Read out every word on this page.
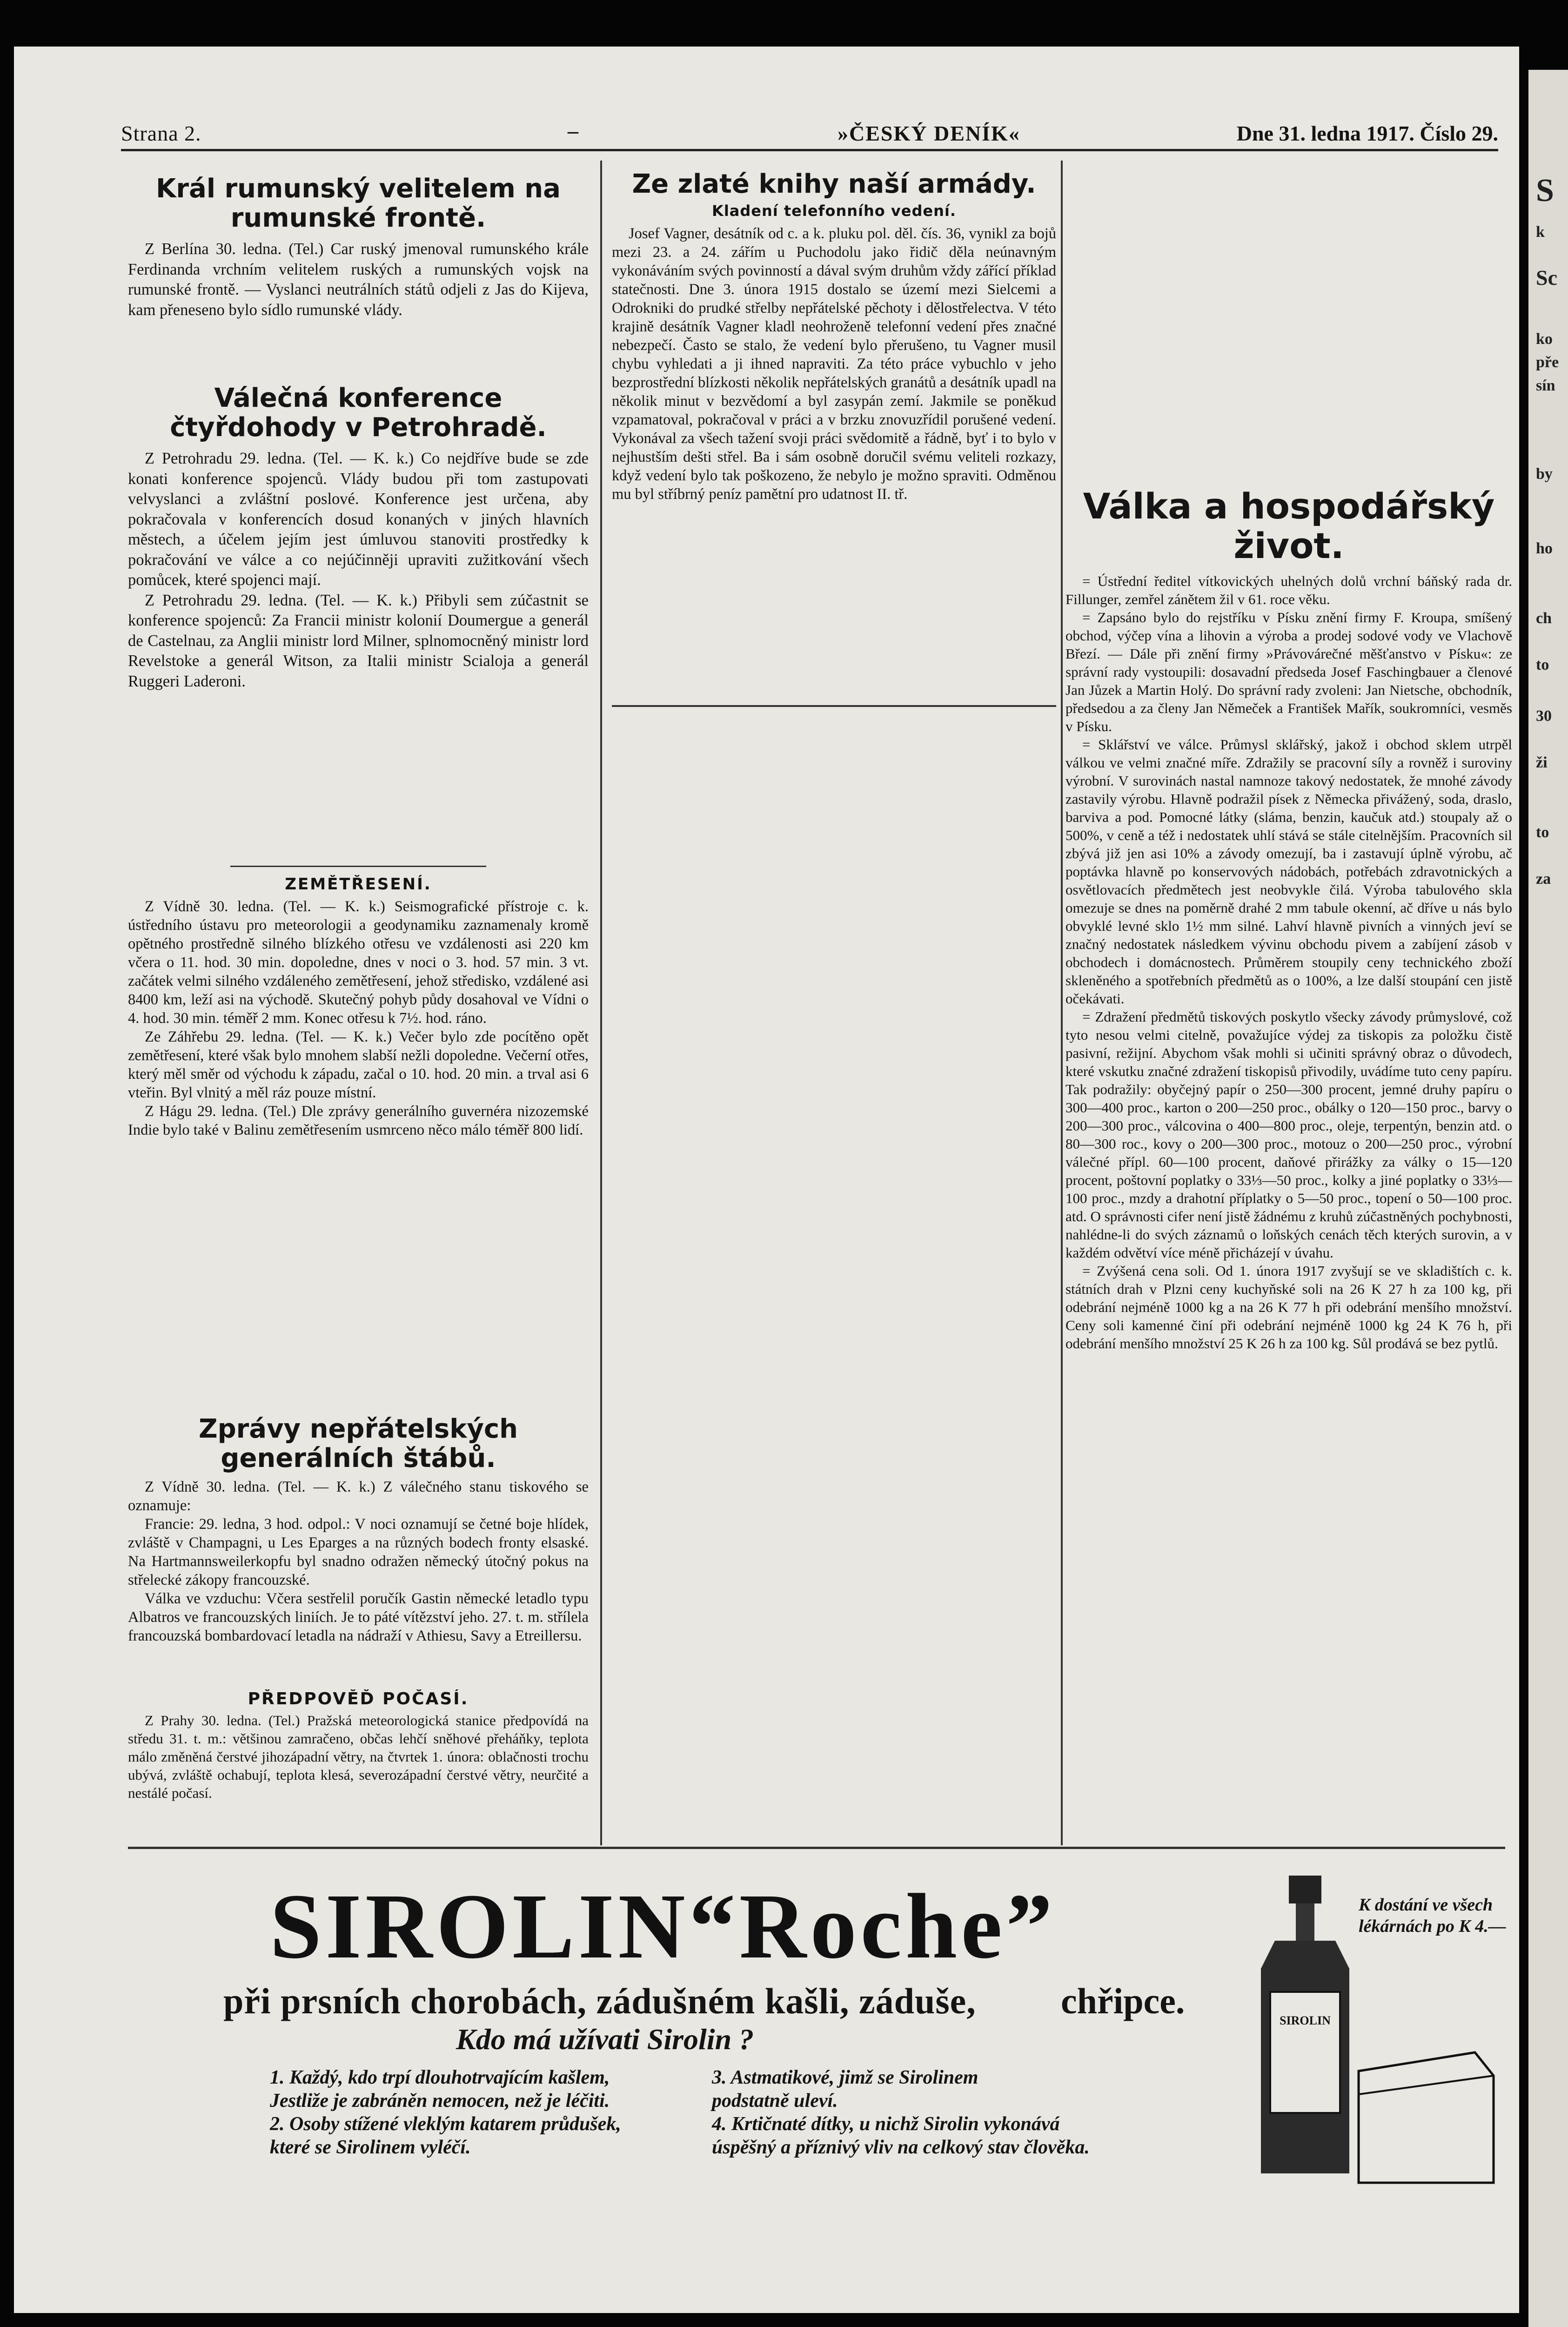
S
k
Sc
ko
pře
sín
by
ho
ch
to
30
ži
to
za
Strana 2.	–	»ČESKÝ DENÍK«	Dne 31. ledna 1917. Číslo 29.
Král rumunský velitelem na rumunské frontě.

Z Berlína 30. ledna. (Tel.) Car ruský jmenoval rumunského krále Ferdinanda vrchním velitelem ruských a rumunských vojsk na rumunské frontě. — Vyslanci neutrálních států odjeli z Jas do Kijeva, kam přeneseno bylo sídlo rumunské vlády.

Válečná konference čtyřdohody v Petrohradě.

Z Petrohradu 29. ledna. (Tel. — K. k.) Co nejdříve bude se zde konati konference spojenců. Vlády budou při tom zastupovati velvyslanci a zvláštní poslové. Konference jest určena, aby pokračovala v konferencích dosud konaných v jiných hlavních městech, a účelem jejím jest úmluvou stanoviti prostředky k pokračování ve válce a co nejúčinněji upraviti zužitkování všech pomůcek, které spojenci mají.

Z Petrohradu 29. ledna. (Tel. — K. k.) Přibyli sem zúčastnit se konference spojenců: Za Francii ministr kolonií Doumergue a generál de Castelnau, za Anglii ministr lord Milner, splnomocněný ministr lord Revelstoke a generál Witson, za Italii ministr Scialoja a generál Ruggeri Laderoni.

ZEMĚTŘESENÍ.

Z Vídně 30. ledna. (Tel. — K. k.) Seismografické přístroje c. k. ústředního ústavu pro meteorologii a geodynamiku zaznamenaly kromě opětného prostředně silného blízkého otřesu ve vzdálenosti asi 220 km včera o 11. hod. 30 min. dopoledne, dnes v noci o 3. hod. 57 min. 3 vt. začátek velmi silného vzdáleného zemětřesení, jehož středisko, vzdálené asi 8400 km, leží asi na východě. Skutečný pohyb půdy dosahoval ve Vídni o 4. hod. 30 min. téměř 2 mm. Konec otřesu k 7½. hod. ráno.

Ze Záhřebu 29. ledna. (Tel. — K. k.) Večer bylo zde pocítěno opět zemětřesení, které však bylo mnohem slabší nežli dopoledne. Večerní otřes, který měl směr od východu k západu, začal o 10. hod. 20 min. a trval asi 6 vteřin. Byl vlnitý a měl ráz pouze místní.

Z Hágu 29. ledna. (Tel.) Dle zprávy generálního guvernéra nizozemské Indie bylo také v Balinu zemětřesením usmrceno něco málo téměř 800 lidí.

Zprávy nepřátelských generálních štábů.

Z Vídně 30. ledna. (Tel. — K. k.) Z válečného stanu tiskového se oznamuje:

Francie: 29. ledna, 3 hod. odpol.: V noci oznamují se četné boje hlídek, zvláště v Champagni, u Les Eparges a na různých bodech fronty elsaské. Na Hartmannsweilerkopfu byl snadno odražen německý útočný pokus na střelecké zákopy francouzské.

Válka ve vzduchu: Včera sestřelil poručík Gastin německé letadlo typu Albatros ve francouzských liniích. Je to páté vítězství jeho. 27. t. m. střílela francouzská bombardovací letadla na nádraží v Athiesu, Savy a Etreillersu.

PŘEDPOVĚĎ POČASÍ.

Z Prahy 30. ledna. (Tel.) Pražská meteorologická stanice předpovídá na středu 31. t. m.: většinou zamračeno, občas lehčí sněhové přeháňky, teplota málo změněná čerstvé jihozápadní větry, na čtvrtek 1. února: oblačnosti trochu ubývá, zvláště ochabují, teplota klesá, severozápadní čerstvé větry, neurčité a nestálé počasí.

Ze zlaté knihy naší armády.
Kladení telefonního vedení.

Josef Vagner, desátník od c. a k. pluku pol. děl. čís. 36, vynikl za bojů mezi 23. a 24. zářím u Puchodolu jako řidič děla neúnavným vykonáváním svých povinností a dával svým druhům vždy zářící příklad statečnosti. Dne 3. února 1915 dostalo se území mezi Sielcemi a Odrokniki do prudké střelby nepřátelské pěchoty i dělostřelectva. V této krajině desátník Vagner kladl neohroženě telefonní vedení přes značné nebezpečí. Často se stalo, že vedení bylo přerušeno, tu Vagner musil chybu vyhledati a ji ihned napraviti. Za této práce vybuchlo v jeho bezprostřední blízkosti několik nepřátelských granátů a desátník upadl na několik minut v bezvědomí a byl zasypán zemí. Jakmile se poněkud vzpamatoval, pokračoval v práci a v brzku znovuzřídil porušené vedení. Vykonával za všech tažení svoji práci svědomitě a řádně, byť i to bylo v nejhustším dešti střel. Ba i sám osobně doručil svému veliteli rozkazy, když vedení bylo tak poškozeno, že nebylo je možno spraviti. Odměnou mu byl stříbrný peníz pamětní pro udatnost II. tř.	Válka a hospodářský život.

= Ústřední ředitel vítkovických uhelných dolů vrchní báňský rada dr. Fillunger, zemřel zánětem žil v 61. roce věku.

= Zapsáno bylo do rejstříku v Písku znění firmy F. Kroupa, smíšený obchod, výčep vína a lihovin a výroba a prodej sodové vody ve Vlachově Březí. — Dále při znění firmy »Právovárečné měšťanstvo v Písku«: ze správní rady vystoupili: dosavadní předseda Josef Faschingbauer a členové Jan Jůzek a Martin Holý. Do správní rady zvoleni: Jan Nietsche, obchodník, předsedou a za členy Jan Němeček a František Mařík, soukromníci, vesměs v Písku.

= Sklářství ve válce. Průmysl sklářský, jakož i obchod sklem utrpěl válkou ve velmi značné míře. Zdražily se pracovní síly a rovněž i suroviny výrobní. V surovinách nastal namnoze takový nedostatek, že mnohé závody zastavily výrobu. Hlavně podražil písek z Německa přivážený, soda, draslo, barviva a pod. Pomocné látky (sláma, benzin, kaučuk atd.) stoupaly až o 500%, v ceně a též i nedostatek uhlí stává se stále citelnějším. Pracovních sil zbývá již jen asi 10% a závody omezují, ba i zastavují úplně výrobu, ač poptávka hlavně po konservových nádobách, potřebách zdravotnických a osvětlovacích předmětech jest neobvykle čilá. Výroba tabulového skla omezuje se dnes na poměrně drahé 2 mm tabule okenní, ač dříve u nás bylo obvyklé levné sklo 1½ mm silné. Lahví hlavně pivních a vinných jeví se značný nedostatek následkem vývinu obchodu pivem a zabíjení zásob v obchodech i domácnostech. Průměrem stoupily ceny technického zboží skleněného a spotřebních předmětů as o 100%, a lze další stoupání cen jistě očekávati.

= Zdražení předmětů tiskových poskytlo všecky závody průmyslové, což tyto nesou velmi citelně, považujíce výdej za tiskopis za položku čistě pasivní, režijní. Abychom však mohli si učiniti správný obraz o důvodech, které vskutku značné zdražení tiskopisů přivodily, uvádíme tuto ceny papíru. Tak podražily: obyčejný papír o 250—300 procent, jemné druhy papíru o 300—400 proc., karton o 200—250 proc., obálky o 120—150 proc., barvy o 200—300 proc., válcovina o 400—800 proc., oleje, terpentýn, benzin atd. o 80—300 roc., kovy o 200—300 proc., motouz o 200—250 proc., výrobní válečné přípl. 60—100 procent, daňové přirážky za války o 15—120 procent, poštovní poplatky o 33⅓—50 proc., kolky a jiné poplatky o 33⅓—100 proc., mzdy a drahotní příplatky o 5—50 proc., topení o 50—100 proc. atd. O správnosti cifer není jistě žádnému z kruhů zúčastněných pochybnosti, nahlédne-li do svých záznamů o loňských cenách těch kterých surovin, a v každém odvětví více méně přicházejí v úvahu.

= Zvýšená cena soli. Od 1. února 1917 zvyšují se ve skladištích c. k. státních drah v Plzni ceny kuchyňské soli na 26 K 27 h za 100 kg, při odebrání nejméně 1000 kg a na 26 K 77 h při odebrání menšího množství. Ceny soli kamenné činí při odebrání nejméně 1000 kg 24 K 76 h, při odebrání menšího množství 25 K 26 h za 100 kg. Sůl prodává se bez pytlů.

SIROLIN“Roche”
při prsních chorobách, zádušném kašli, záduše, chřipce.
Kdo má užívati Sirolin ?
1. Každý, kdo trpí dlouhotrvajícím kašlem,
Jestliže je zabráněn nemocen, než je léčiti.
2. Osoby stížené vleklým katarem průdušek,
které se Sirolinem vyléčí.
3. Astmatikové, jimž se Sirolinem
podstatně uleví.
4. Krtičnaté dítky, u nichž Sirolin vykonává
úspěšný a příznivý vliv na celkový stav člověka.
K dostání ve všech lékárnách po K 4.—
SIROLIN
